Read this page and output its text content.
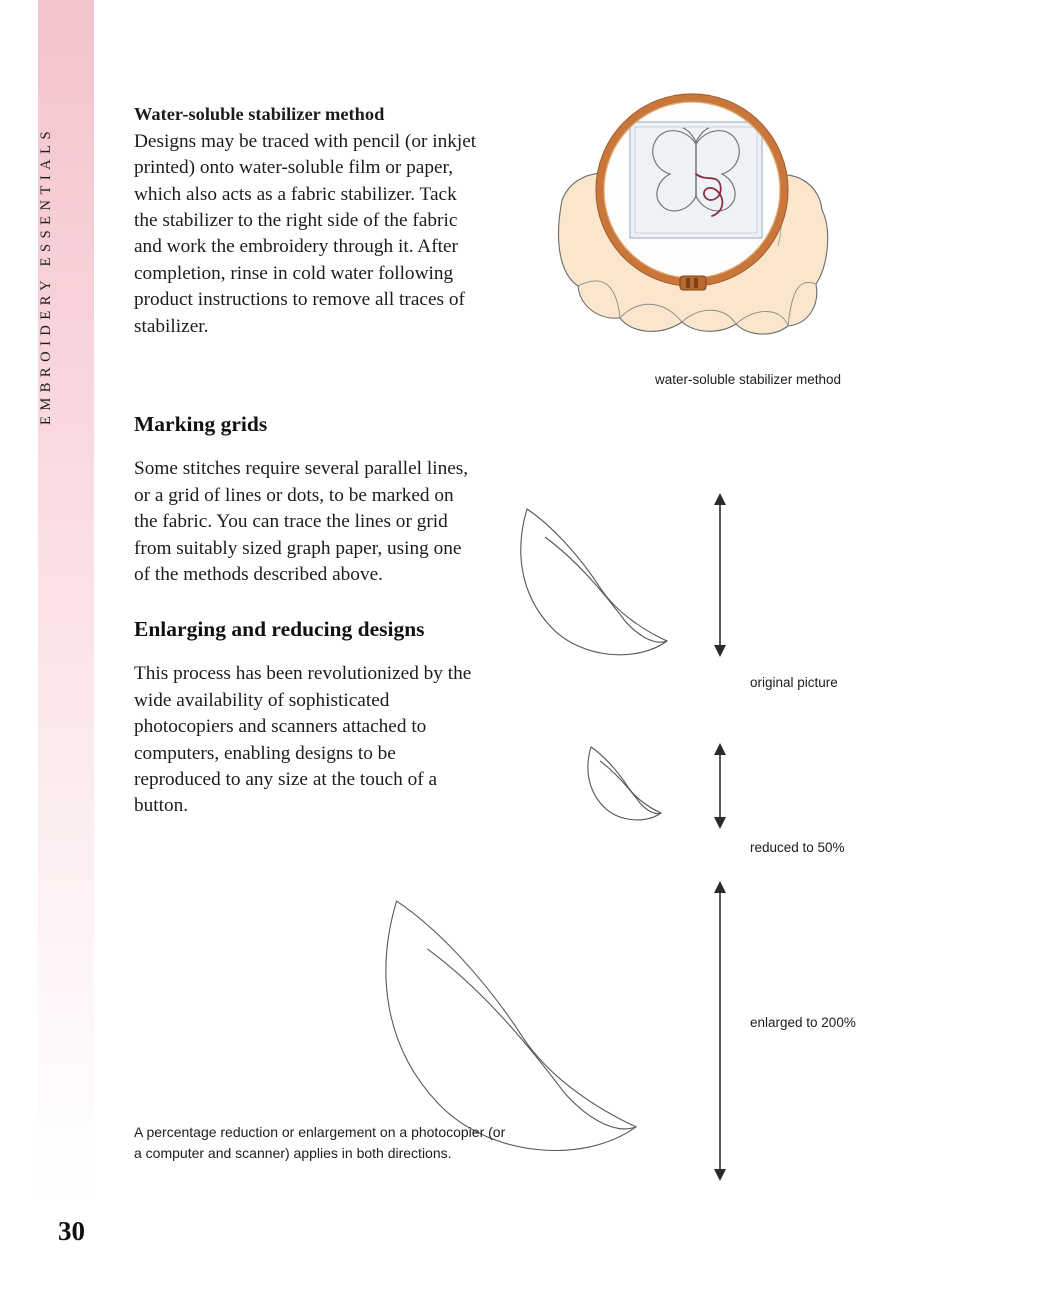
EMBROIDERY ESSENTIALS
30

Water-soluble stabilizer method
Designs may be traced with pencil (or inkjet printed) onto water-soluble film or paper, which also acts as a fabric stabilizer. Tack the stabilizer to the right side of the fabric and work the embroidery through it. After completion, rinse in cold water following product instructions to remove all traces of stabilizer.

Marking grids

Some stitches require several parallel lines, or a grid of lines or dots, to be marked on the fabric. You can trace the lines or grid from suitably sized graph paper, using one of the methods described above.

Enlarging and reducing designs

This process has been revolutionized by the wide availability of sophisticated photocopiers and scanners attached to computers, enabling designs to be reproduced to any size at the touch of a button.

water-soluble stabilizer method
original picture
reduced to 50%
enlarged to 200%
A percentage reduction or enlargement on a photocopier (or a computer and scanner) applies in both directions.
